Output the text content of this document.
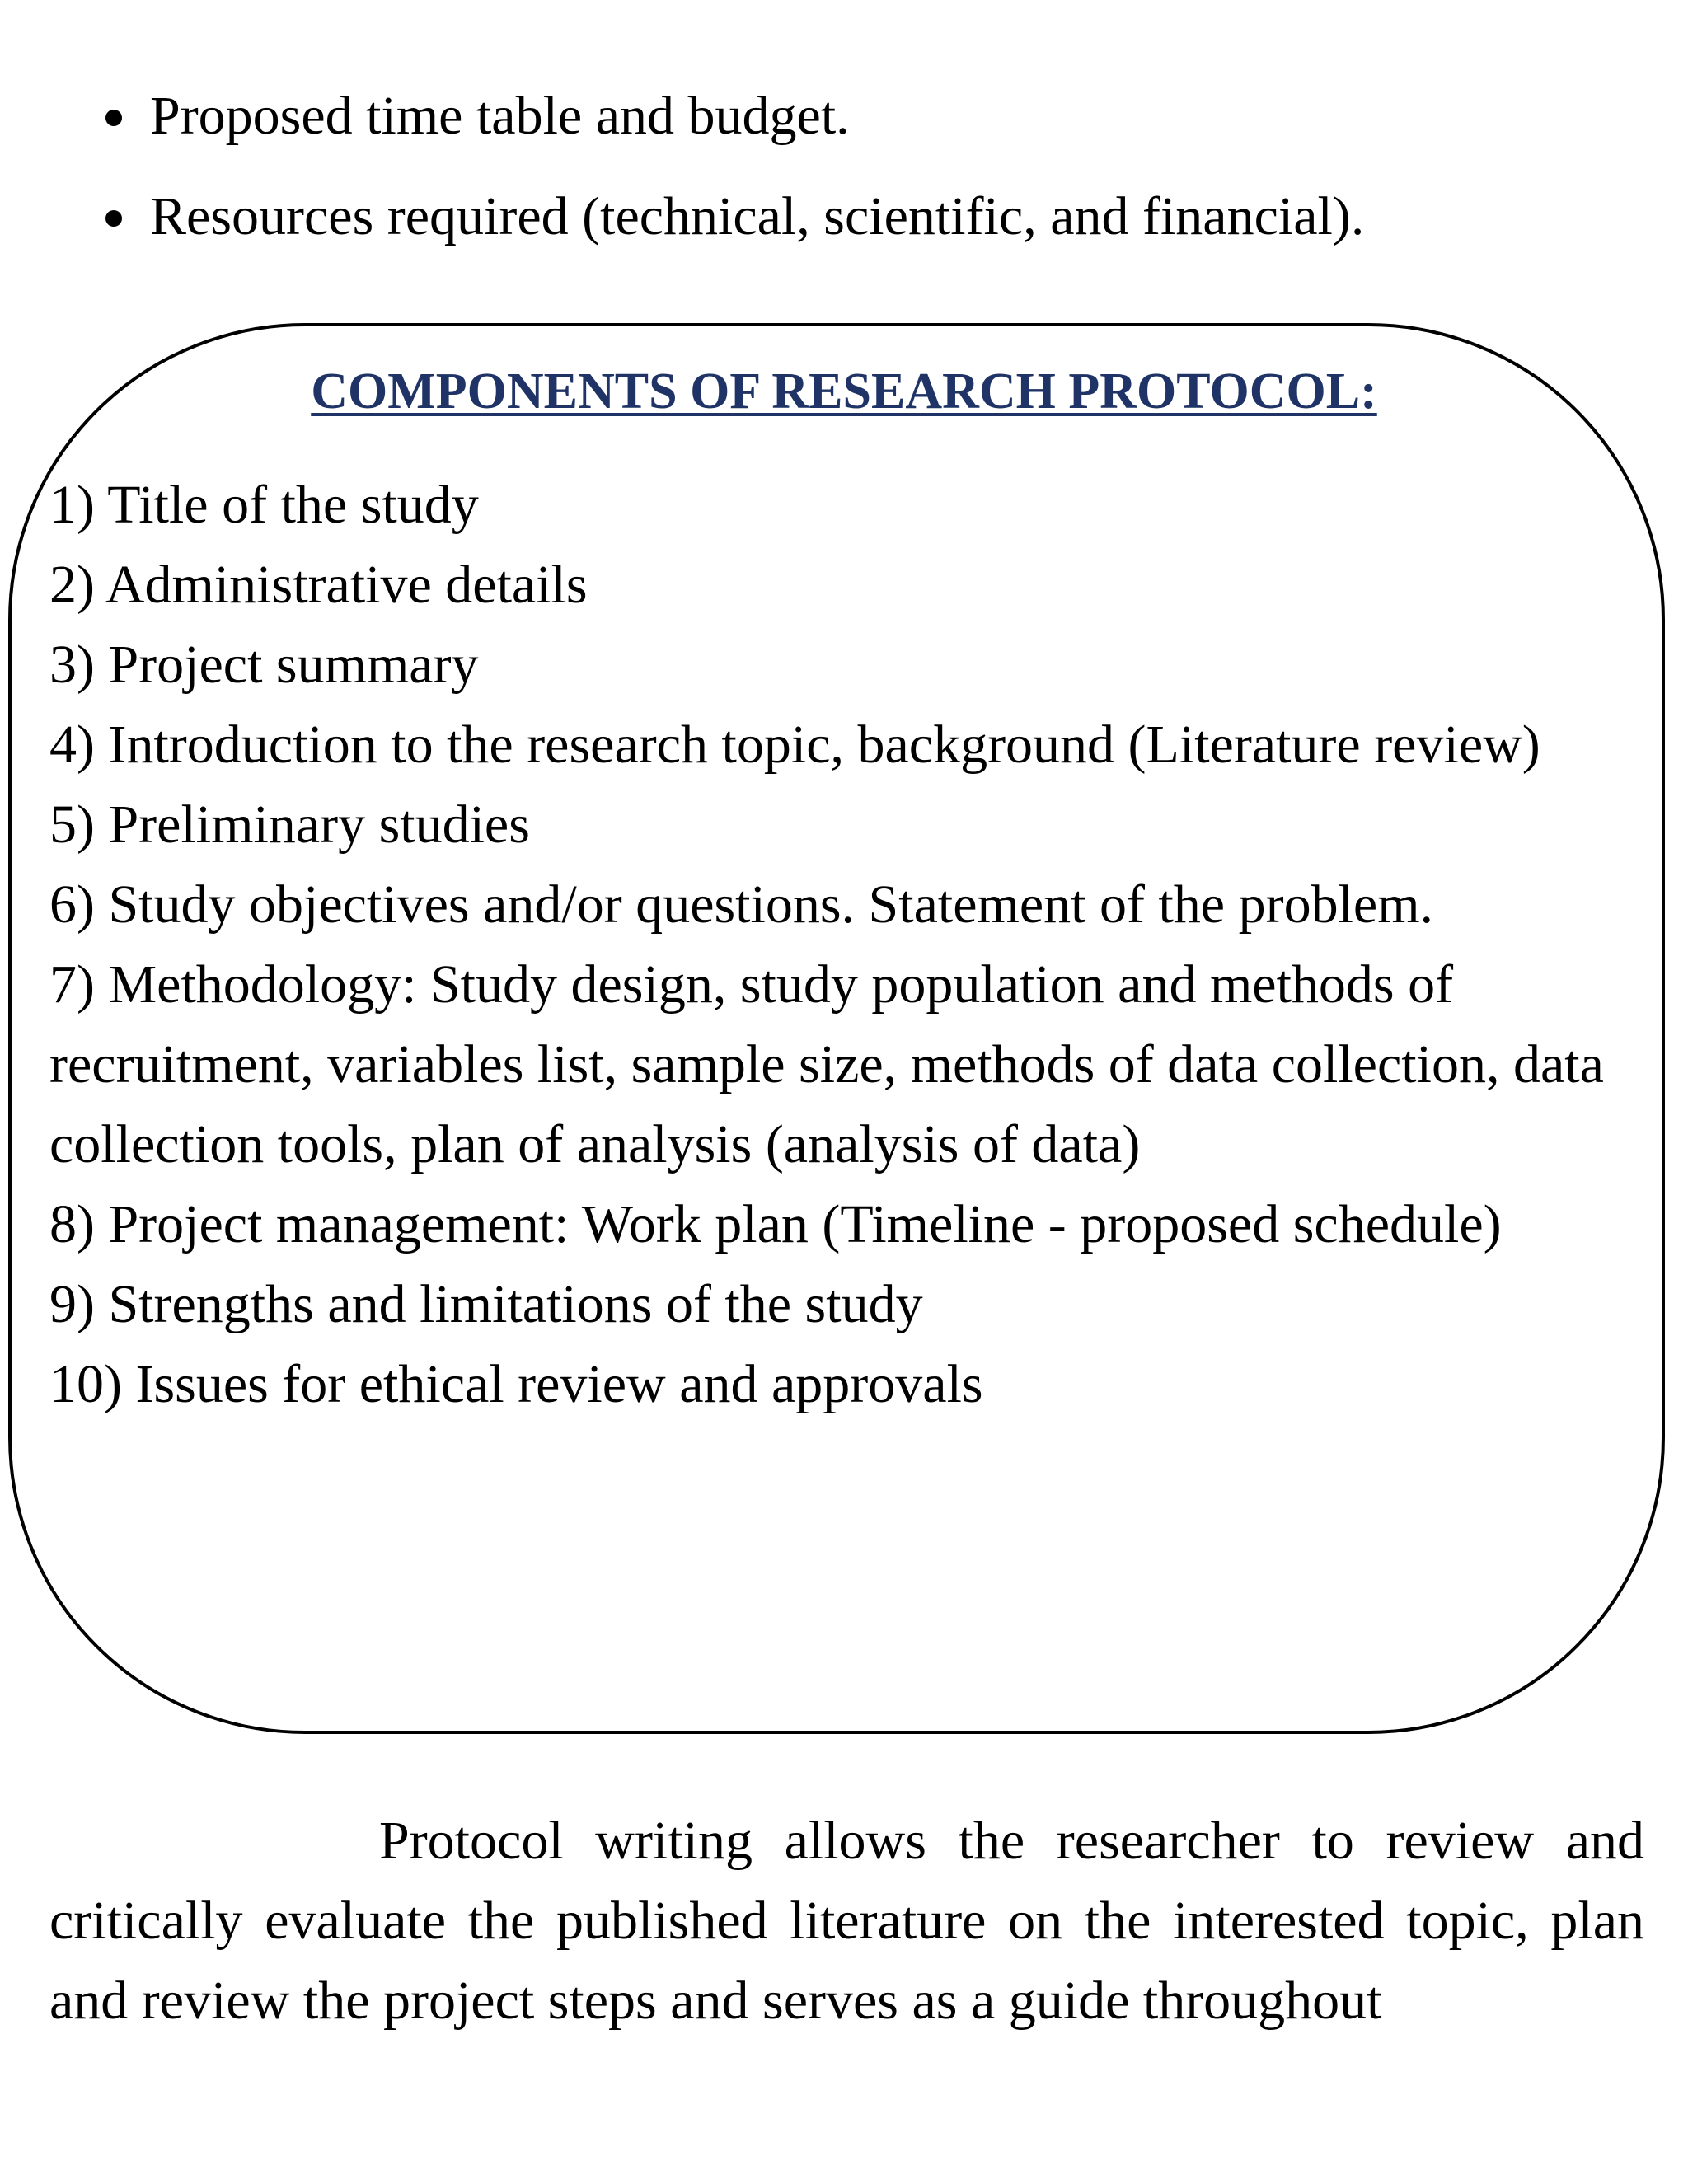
Proposed time table and budget.
Resources required (technical, scientific, and financial).
COMPONENTS OF RESEARCH PROTOCOL:
1) Title of the study
2) Administrative details
3) Project summary
4) Introduction to the research topic, background (Literature review)
5) Preliminary studies
6) Study objectives and/or questions. Statement of the problem.
7) Methodology: Study design, study population and methods of recruitment, variables list, sample size, methods of data collection, data collection tools, plan of analysis (analysis of data)
8) Project management: Work plan (Timeline - proposed schedule)
9) Strengths and limitations of the study
10) Issues for ethical review and approvals

Protocol writing allows the researcher to review and critically evaluate the published literature on the interested topic, plan and review the project steps and serves as a guide throughout
